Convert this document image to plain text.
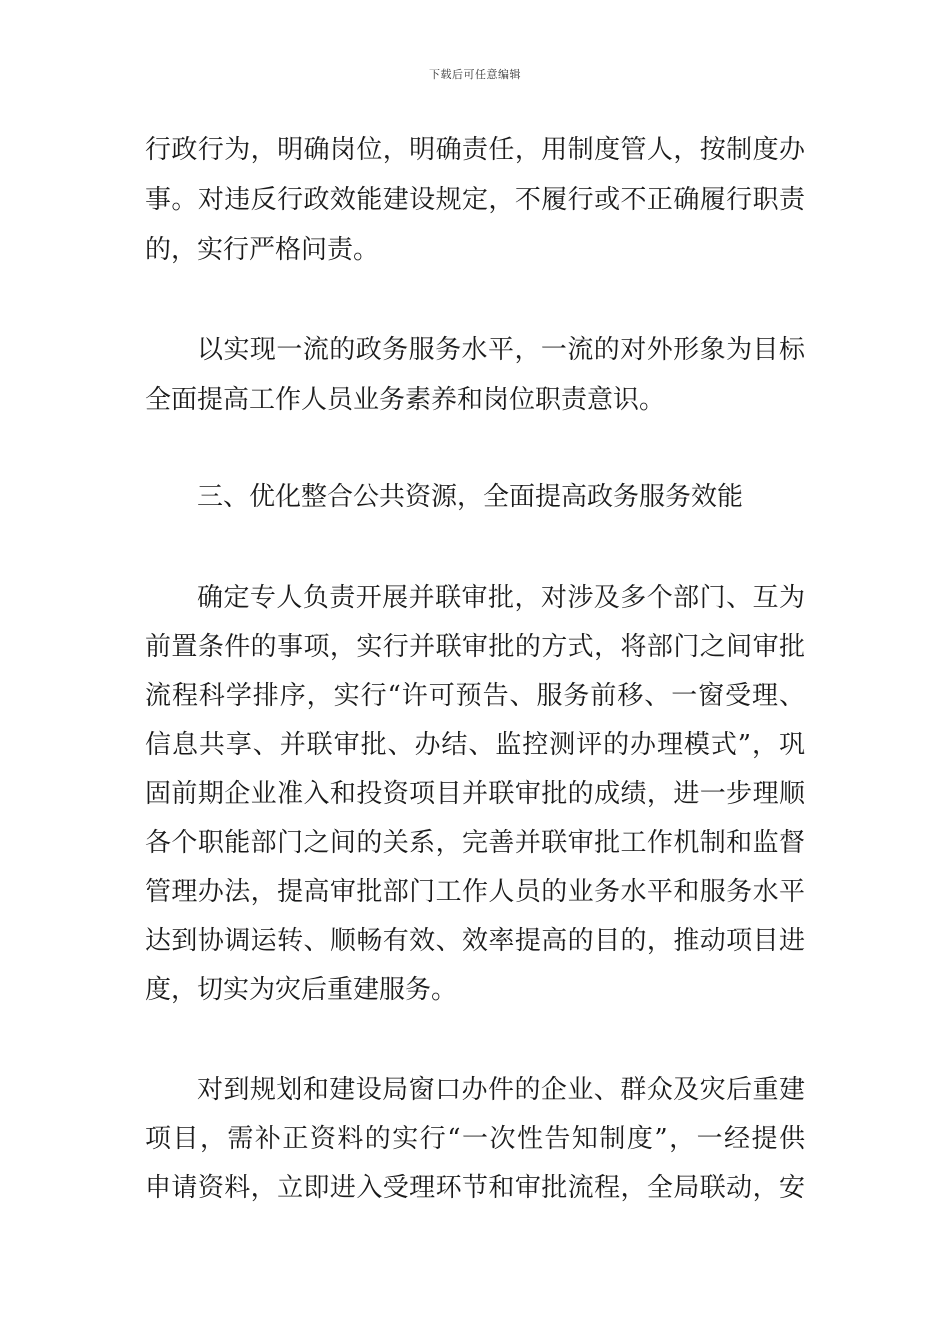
下载后可任意编辑
行政行为，明确岗位，明确责任，用制度管人，按制度办
事。对违反行政效能建设规定，不履行或不正确履行职责
的，实行严格问责。
以实现一流的政务服务水平，一流的对外形象为目标
全面提高工作人员业务素养和岗位职责意识。
三、优化整合公共资源，全面提高政务服务效能
确定专人负责开展并联审批，对涉及多个部门、互为
前置条件的事项，实行并联审批的方式，将部门之间审批
流程科学排序，实行“许可预告、服务前移、一窗受理、
信息共享、并联审批、办结、监控测评的办理模式”，巩
固前期企业准入和投资项目并联审批的成绩，进一步理顺
各个职能部门之间的关系，完善并联审批工作机制和监督
管理办法，提高审批部门工作人员的业务水平和服务水平
达到协调运转、顺畅有效、效率提高的目的，推动项目进
度，切实为灾后重建服务。
对到规划和建设局窗口办件的企业、群众及灾后重建
项目，需补正资料的实行“一次性告知制度”，一经提供
申请资料，立即进入受理环节和审批流程，全局联动，安
